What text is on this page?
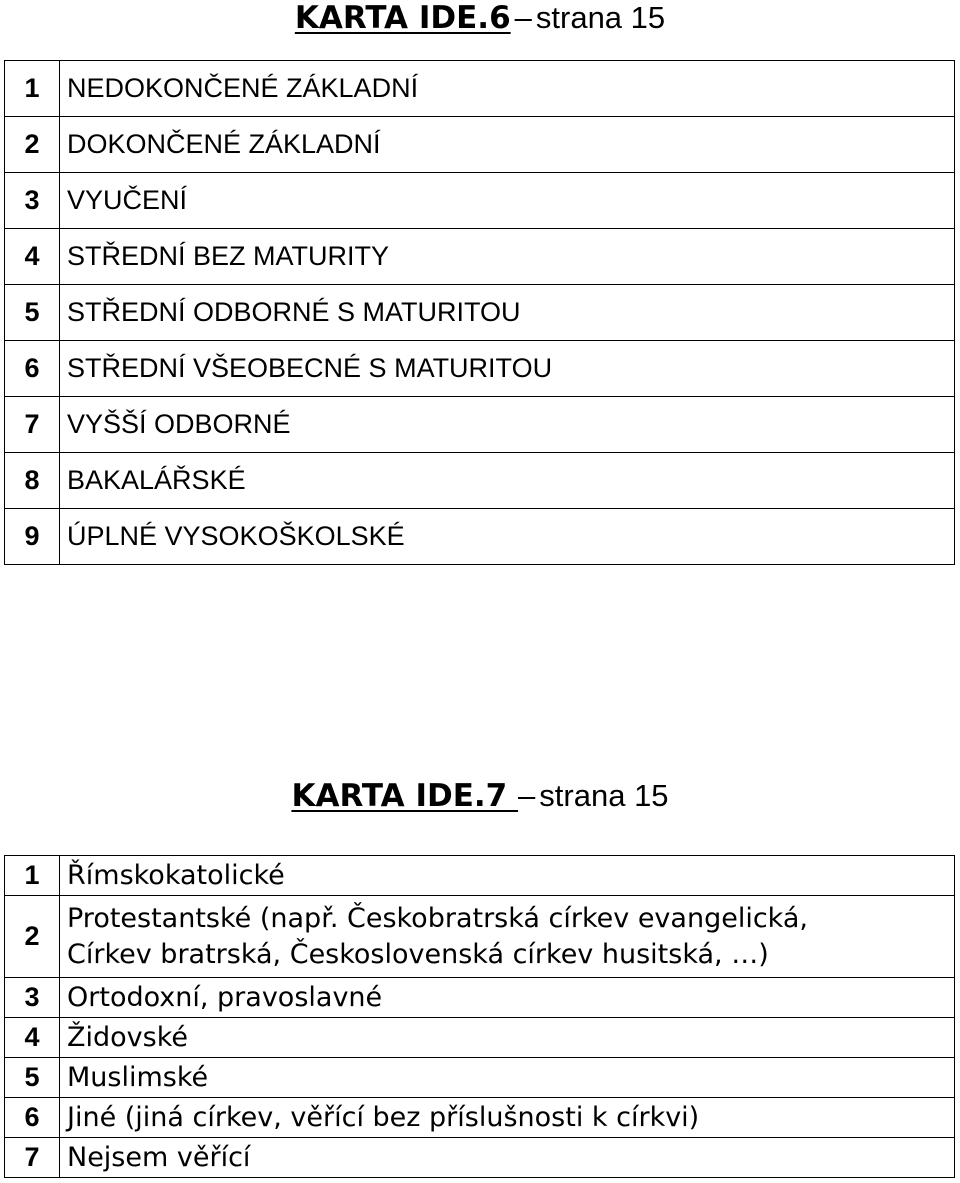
KARTA IDE.6 – strana 15
1	NEDOKONČENÉ ZÁKLADNÍ
2	DOKONČENÉ ZÁKLADNÍ
3	VYUČENÍ
4	STŘEDNÍ BEZ MATURITY
5	STŘEDNÍ ODBORNÉ S MATURITOU
6	STŘEDNÍ VŠEOBECNÉ S MATURITOU
7	VYŠŠÍ ODBORNÉ
8	BAKALÁŘSKÉ
9	ÚPLNÉ VYSOKOŠKOLSKÉ
KARTA IDE.7 – strana 15
1	Římskokatolické
2	Protestantské (např. Českobratrská církev evangelická,
Církev bratrská, Československá církev husitská, …)

3	Ortodoxní, pravoslavné
4	Židovské
5	Muslimské
6	Jiné (jiná církev, věřící bez příslušnosti k církvi)
7	Nejsem věřící
